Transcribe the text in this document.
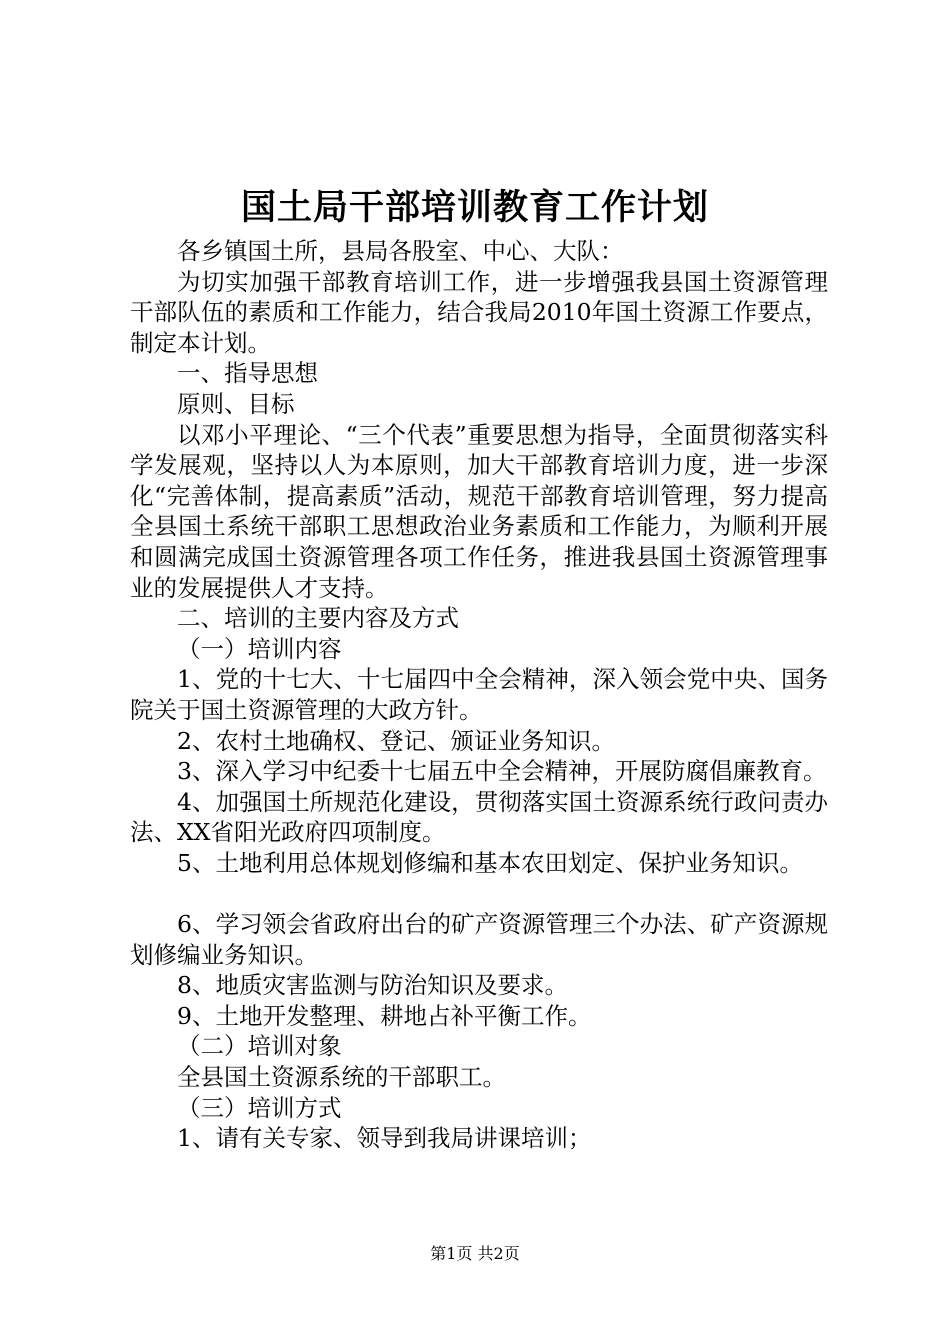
国土局干部培训教育工作计划

各乡镇国土所，县局各股室、中心、大队：

为切实加强干部教育培训工作，进一步增强我县国土资源管理干部队伍的素质和工作能力，结合我局2010年国土资源工作要点，制定本计划。

一、指导思想

原则、目标

以邓小平理论、“三个代表”重要思想为指导，全面贯彻落实科学发展观，坚持以人为本原则，加大干部教育培训力度，进一步深化“完善体制，提高素质”活动，规范干部教育培训管理，努力提高全县国土系统干部职工思想政治业务素质和工作能力，为顺利开展和圆满完成国土资源管理各项工作任务，推进我县国土资源管理事业的发展提供人才支持。

二、培训的主要内容及方式

（一）培训内容

1、党的十七大、十七届四中全会精神，深入领会党中央、国务院关于国土资源管理的大政方针。

2、农村土地确权、登记、颁证业务知识。

3、深入学习中纪委十七届五中全会精神，开展防腐倡廉教育。

4、加强国土所规范化建设，贯彻落实国土资源系统行政问责办法、XX省阳光政府四项制度。

5、土地利用总体规划修编和基本农田划定、保护业务知识。

6、学习领会省政府出台的矿产资源管理三个办法、矿产资源规划修编业务知识。

8、地质灾害监测与防治知识及要求。

9、土地开发整理、耕地占补平衡工作。

（二）培训对象

全县国土资源系统的干部职工。

（三）培训方式

1、请有关专家、领导到我局讲课培训；

第1页 共2页
